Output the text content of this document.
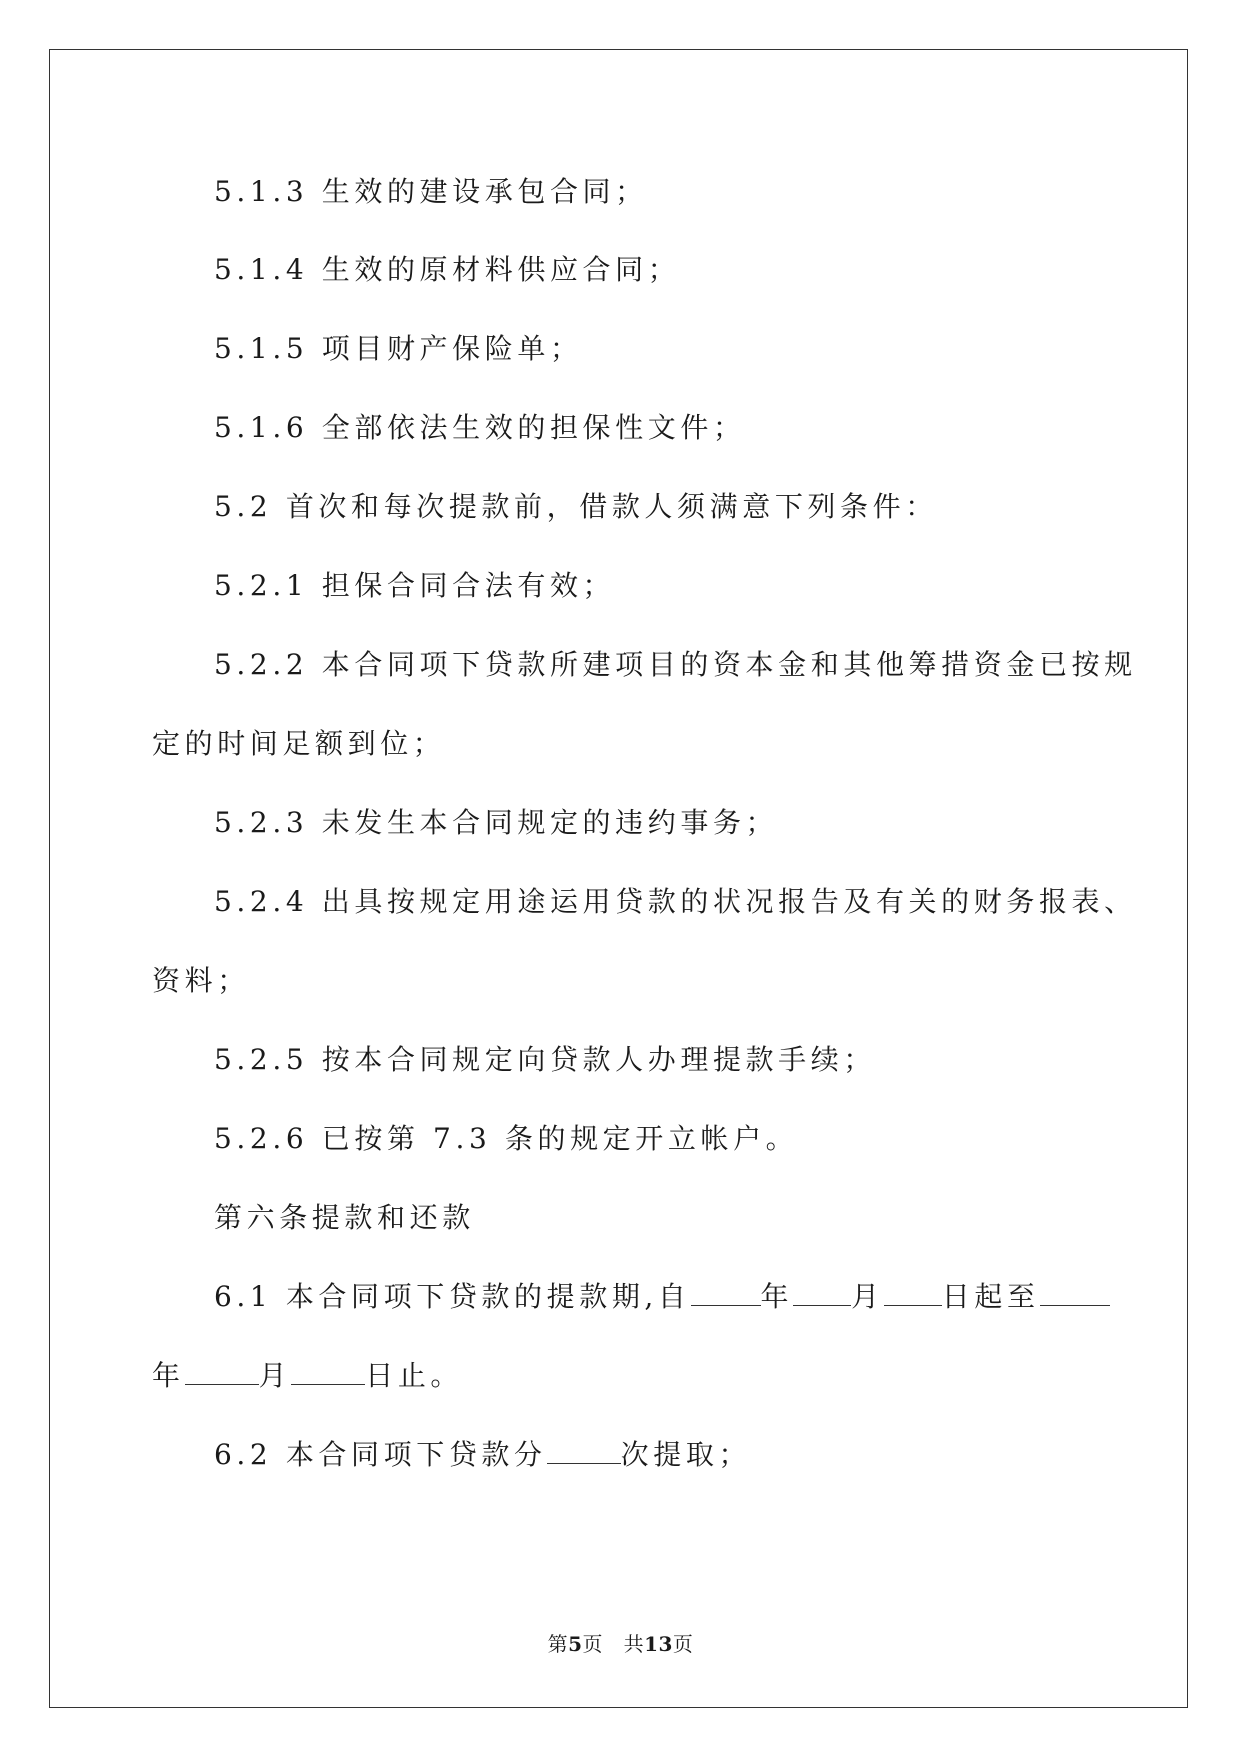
5.1.3 生效的建设承包合同；
5.1.4 生效的原材料供应合同；
5.1.5 项目财产保险单；
5.1.6 全部依法生效的担保性文件；
5.2 首次和每次提款前，借款人须满意下列条件：
5.2.1 担保合同合法有效；
5.2.2 本合同项下贷款所建项目的资本金和其他筹措资金已按规
定的时间足额到位；
5.2.3 未发生本合同规定的违约事务；
5.2.4 出具按规定用途运用贷款的状况报告及有关的财务报表、
资料；
5.2.5 按本合同规定向贷款人办理提款手续；
5.2.6 已按第 7.3 条的规定开立帐户。
第六条提款和还款
6.1 本合同项下贷款的提款期,自	年 月 日起至
年	月	日止。
6.2 本合同项下贷款分	次提取；
第5页 共13页
